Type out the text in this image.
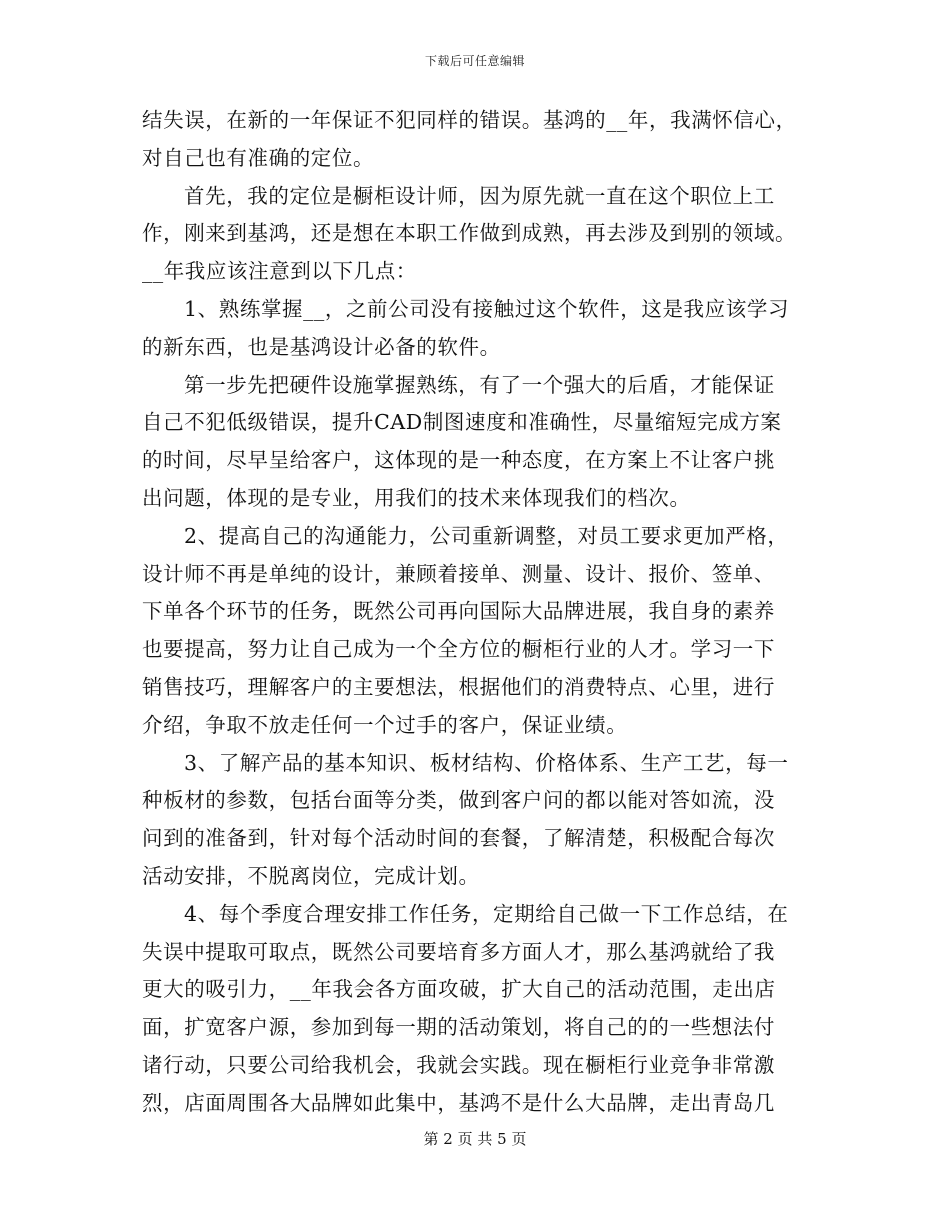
下载后可任意编辑
结失误，在新的一年保证不犯同样的错误。基鸿的__年，我满怀信心，
对自己也有准确的定位。
首先，我的定位是橱柜设计师，因为原先就一直在这个职位上工
作，刚来到基鸿，还是想在本职工作做到成熟，再去涉及到别的领域。
__年我应该注意到以下几点：
1、熟练掌握__，之前公司没有接触过这个软件，这是我应该学习
的新东西，也是基鸿设计必备的软件。
第一步先把硬件设施掌握熟练，有了一个强大的后盾，才能保证
自己不犯低级错误，提升CAD制图速度和准确性，尽量缩短完成方案
的时间，尽早呈给客户，这体现的是一种态度，在方案上不让客户挑
出问题，体现的是专业，用我们的技术来体现我们的档次。
2、提高自己的沟通能力，公司重新调整，对员工要求更加严格，
设计师不再是单纯的设计，兼顾着接单、测量、设计、报价、签单、
下单各个环节的任务，既然公司再向国际大品牌进展，我自身的素养
也要提高，努力让自己成为一个全方位的橱柜行业的人才。学习一下
销售技巧，理解客户的主要想法，根据他们的消费特点、心里，进行
介绍，争取不放走任何一个过手的客户，保证业绩。
3、了解产品的基本知识、板材结构、价格体系、生产工艺，每一
种板材的参数，包括台面等分类，做到客户问的都以能对答如流，没
问到的准备到，针对每个活动时间的套餐，了解清楚，积极配合每次
活动安排，不脱离岗位，完成计划。
4、每个季度合理安排工作任务，定期给自己做一下工作总结，在
失误中提取可取点，既然公司要培育多方面人才，那么基鸿就给了我
更大的吸引力，__年我会各方面攻破，扩大自己的活动范围，走出店
面，扩宽客户源，参加到每一期的活动策划，将自己的的一些想法付
诸行动，只要公司给我机会，我就会实践。现在橱柜行业竞争非常激
烈，店面周围各大品牌如此集中，基鸿不是什么大品牌，走出青岛几
第 2 页 共 5 页
